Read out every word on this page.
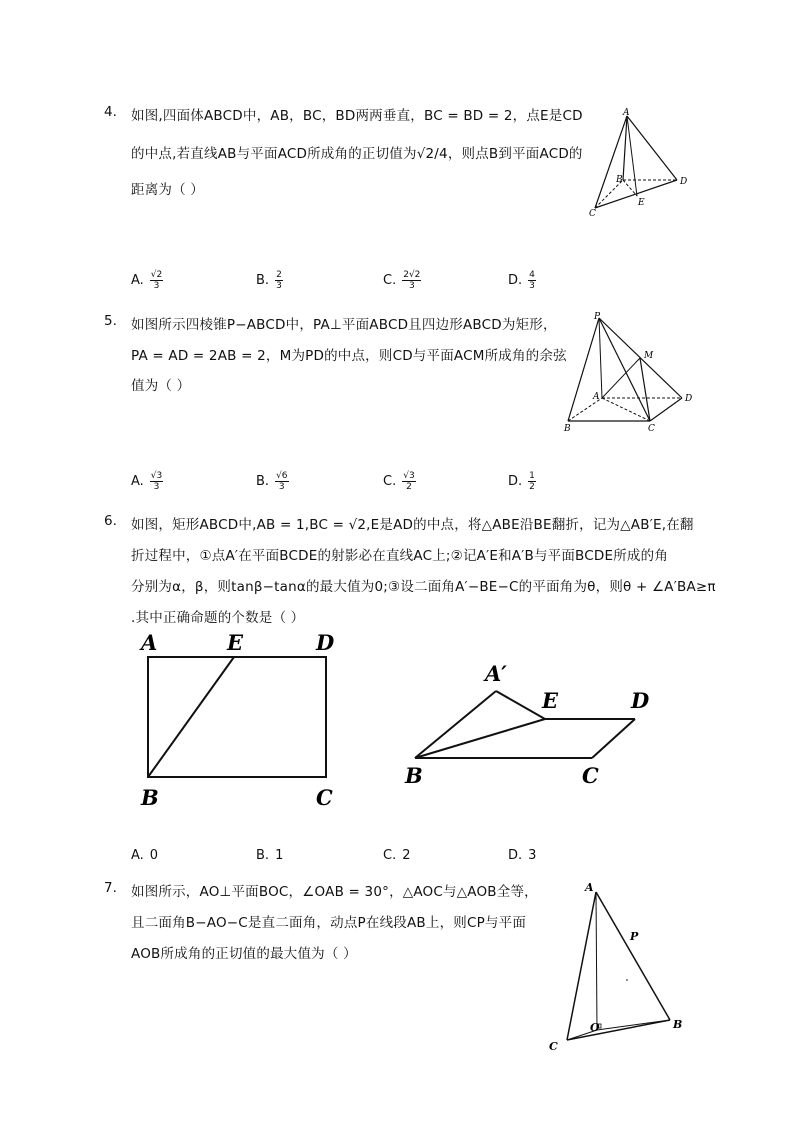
4. 如图,四面体ABCD中，AB，BC，BD两两垂直，BC = BD = 2，点E是CD
的中点,若直线AB与平面ACD所成角的正切值为√2/4，则点B到平面ACD的
距离为（ ）
A
B
C
D
E
A. $\frac{√2}{3}$	B. $\frac{2}{3}$	C. $\frac{2√2}{3}$	D. $\frac{4}{3}$
5. 如图所示四棱锥P−ABCD中，PA⊥平面ABCD且四边形ABCD为矩形，
PA = AD = 2AB = 2，M为PD的中点，则CD与平面ACM所成角的余弦
值为（ ）
P
M
A	D
B	C
A. $\frac{√3}{3}$	B. $\frac{√6}{3}$	C. $\frac{√3}{2}$	D. $\frac{1}{2}$
6. 如图，矩形ABCD中,AB = 1,BC = √2,E是AD的中点，将△ABE沿BE翻折，记为△AB′E,在翻
折过程中，①点A′在平面BCDE的射影必在直线AC上;②记A′E和A′B与平面BCDE所成的角
分别为α，β，则tanβ−tanα的最大值为0;③设二面角A′−BE−C的平面角为θ，则θ + ∠A′BA≥π
.其中正确命题的个数是（ ）
A	E	D
B	C
A′
E	D
B	C
A. 0	B. 1	C. 2	D. 3
7. 如图所示，AO⊥平面BOC，∠OAB = 30°，△AOC与△AOB全等，
且二面角B−AO−C是直二面角，动点P在线段AB上，则CP与平面
AOB所成角的正切值的最大值为（ ）
A
P
O	B
C
